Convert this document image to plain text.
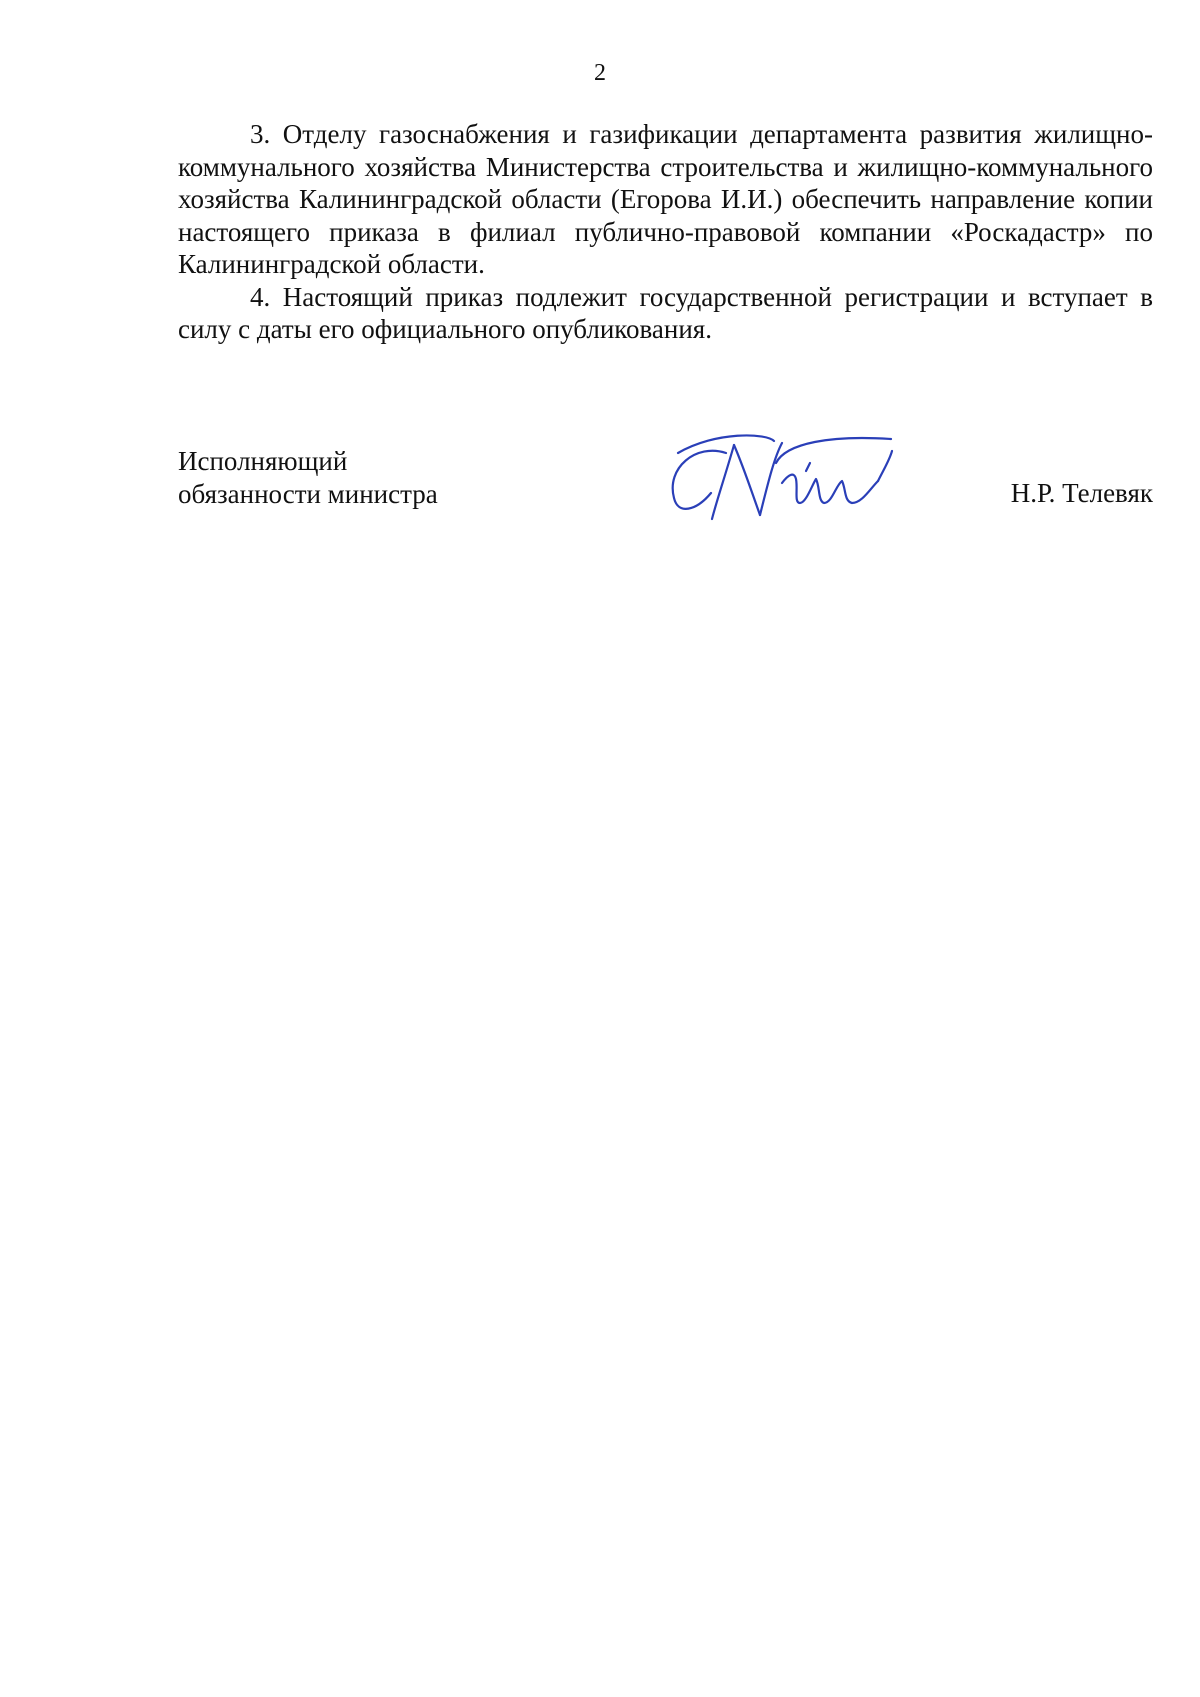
2

3. Отделу газоснабжения и газификации департамента развития жилищно-коммунального хозяйства Министерства строительства и жилищно-коммунального хозяйства Калининградской области (Егорова И.И.) обеспечить направление копии настоящего приказа в филиал публично-правовой компании «Роскадастр» по Калининградской области.

4. Настоящий приказ подлежит государственной регистрации и вступает в силу с даты его официального опубликования.

Исполняющий
обязанности министра	Н.Р. Телевяк
